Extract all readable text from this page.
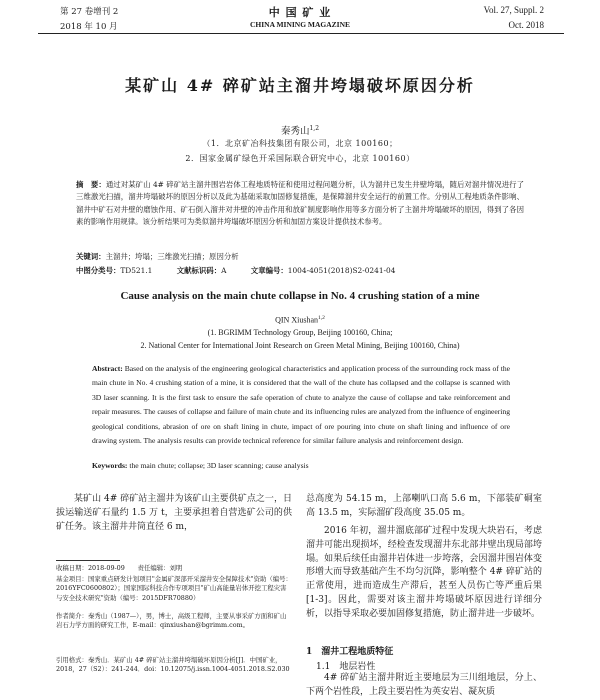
第 27 卷增刊 2
2018 年 10 月
中 国 矿 业
CHINA MINING MAGAZINE
Vol. 27, Suppl. 2
Oct. 2018
某矿山 4# 碎矿站主溜井垮塌破坏原因分析
秦秀山$^{1,2}$
（1．北京矿冶科技集团有限公司，北京 100160；
2．国家金属矿绿色开采国际联合研究中心，北京 100160）
摘　要：通过对某矿山 4# 碎矿站主溜井围岩岩体工程地质特征和使用过程问题分析，认为溜井已发生井壁垮塌，随后对溜井情况进行了三维激光扫描，溜井垮塌破坏的原因分析以及此为基础采取加固修复措施，是保障溜井安全运行的前置工作。分别从工程地质条件影响、溜井中矿石对井壁的磨蚀作用、矿石倒入溜井对井壁的冲击作用和放矿制度影响作用等多方面分析了主溜井垮塌破坏的原因，得到了各因素的影响作用规律。该分析结果可为类似溜井垮塌破坏原因分析和加固方案设计提供技术参考。
关键词：主溜井；垮塌；三维激光扫描；原因分析
中图分类号：TD521.1	文献标识码：A	文章编号：1004-4051(2018)S2-0241-04
Cause analysis on the main chute collapse in No. 4 crushing station of a mine
QIN Xiushan$^{1,2}$
(1. BGRIMM Technology Group, Beijing 100160, China;
2. National Center for International Joint Research on Green Metal Mining, Beijing 100160, China)
Abstract: Based on the analysis of the engineering geological characteristics and application process of the surrounding rock mass of the main chute in No. 4 crushing station of a mine, it is considered that the wall of the chute has collapsed and the collapse is scanned with 3D laser scanning. It is the first task to ensure the safe operation of chute to analyze the cause of collapse and take reinforcement and repair measures. The causes of collapse and failure of main chute and its influencing rules are analyzed from the influence of engineering geological conditions, abrasion of ore on shaft lining in chute, impact of ore pouring into chute on shaft lining and influence of ore drawing system. The analysis results can provide technical reference for similar failure analysis and reinforcement design.
Keywords: the main chute; collapse; 3D laser scanning; cause analysis
某矿山 4# 碎矿站主溜井为该矿山主要供矿点之一，日拔运输送矿石量约 1.5 万 t，主要承担着自营选矿公司的供矿任务。该主溜井井筒直径 6 m，
收稿日期：2018-09-09　　责任编辑：刘明
基金项目：国家重点研发计划项目"金属矿深部开采溜井安全保障技术"资助（编号：2016YFC0600802）；国家国际科技合作专项项目"矿山高能量岩体开挖工程灾害与安全技术研究"资助（编号：2015DFR70880）
作者简介：秦秀山（1987—），男，博士，高级工程师，主要从事采矿方面和矿山岩石力学方面的研究工作，E-mail：qinxiushan@bgrimm.com。
引用格式：秦秀山．某矿山 4# 碎矿站主溜井垮塌破坏原因分析[J]．中国矿业，2018，27（S2）：241-244．doi：10.12075/j.issn.1004-4051.2018.S2.030
总高度为 54.15 m，上部喇叭口高 5.6 m，下部装矿硐室高 13.5 m，实际溜矿段高度 35.05 m。
2016 年初，溜井溜底部矿过程中发现大块岩石，考虑溜井可能出现损坏，经检查发现溜井东北部井壁出现局部垮塌。如果后续任由溜井岩体进一步垮落，会因溜井围岩体变形增大而导致基础产生不均匀沉降，影响整个 4# 碎矿站的正常使用，进而造成生产滞后，甚至人员伤亡等严重后果[1-3]。因此，需要对该主溜井垮塌破坏原因进行详细分析，以指导采取必要加固修复措施，防止溜井进一步破坏。
1　溜井工程地质特征
1.1　地层岩性
4# 碎矿站主溜井附近主要地层为三川组地层，分上、下两个岩性段，上段主要岩性为英安岩、凝灰质
